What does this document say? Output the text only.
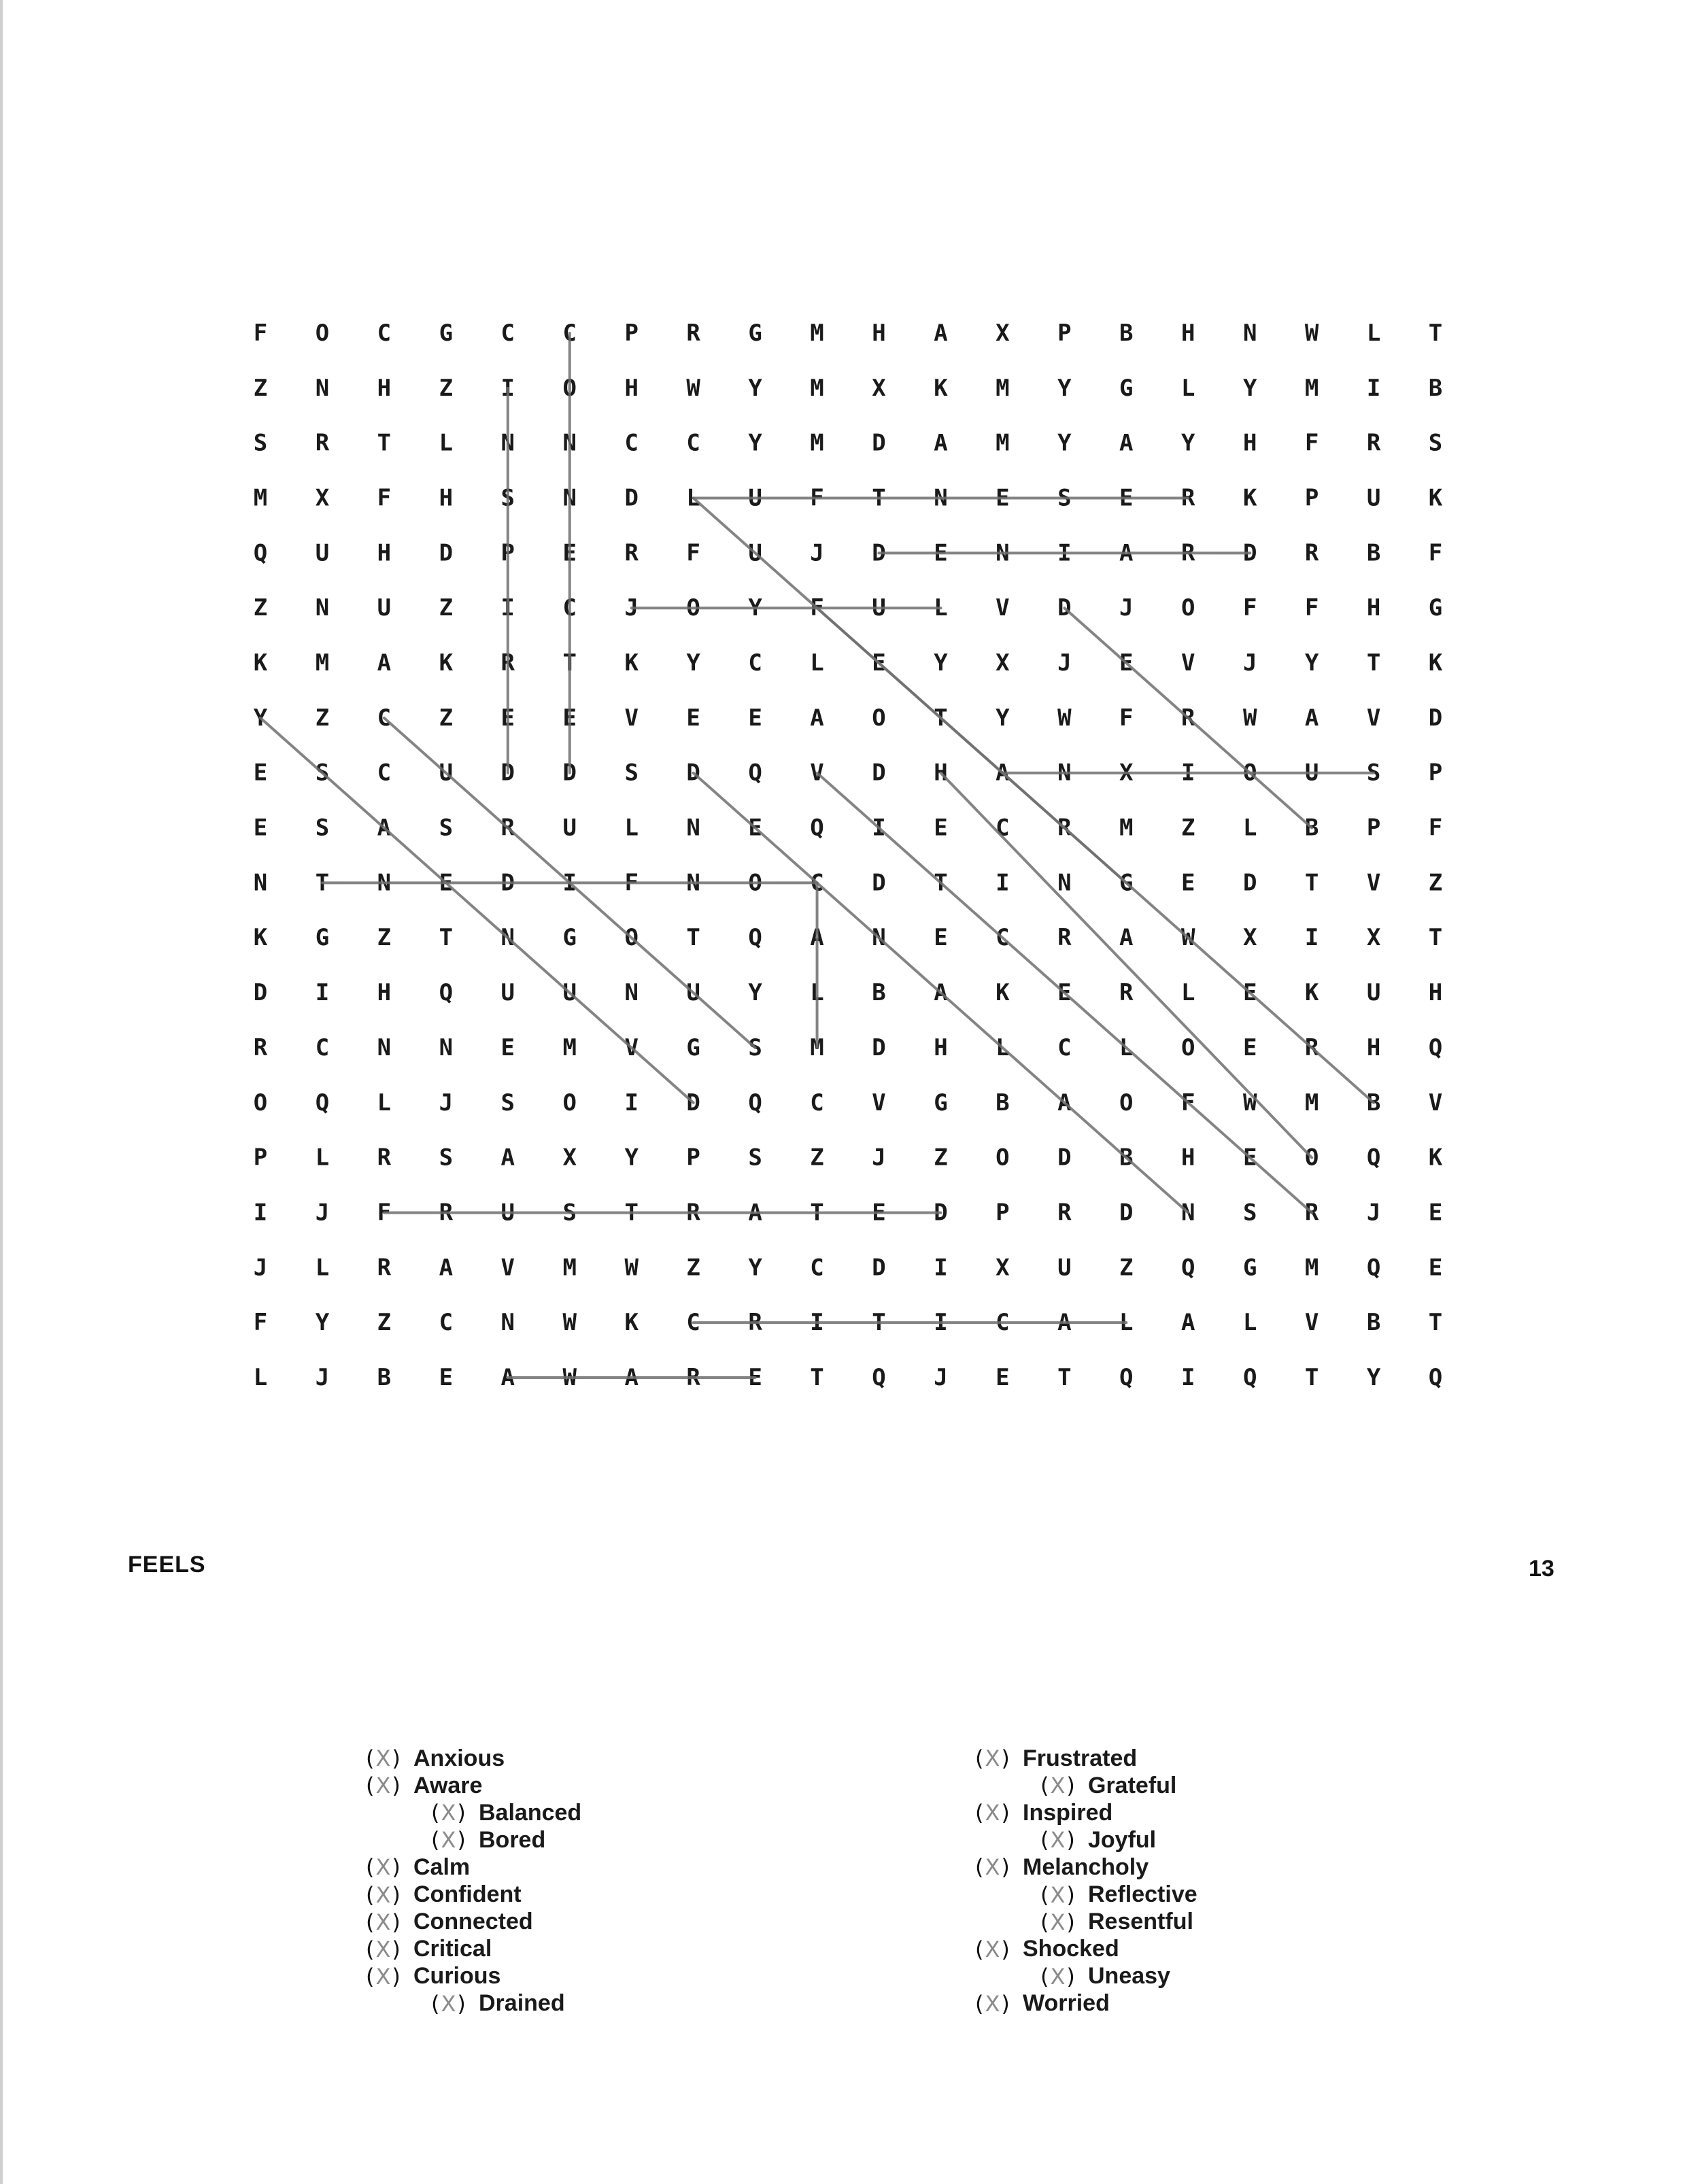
F O C G C C P R G M H A X P B H N W L T
Z N H Z I O H W Y M X K M Y G L Y M I B
S R T L N N C C Y M D A M Y A Y H F R S
M X F H S N D L U F T N E S E R K P U K
Q U H D P E R F U J D E N I A R D R B F
Z N U Z I C J O Y F U L V D J O F F H G
K M A K R T K Y C L E Y X J E V J Y T K
Y Z C Z E E V E E A O T Y W F R W A V D
E S C U D D S D Q V D H A N X I O U S P
E S A S R U L N E Q I E C R M Z L B P F
N T N E D I F N O C D T I N G E D T V Z
K G Z T N G O T Q A N E C R A W X I X T
D I H Q U U N U Y L B A K E R L E K U H
R C N N E M V G S M D H L C L O E R H Q
O Q L J S O I D Q C V G B A O F W M B V
P L R S A X Y P S Z J Z O D B H E O Q K
I J F R U S T R A T E D P R D N S R J E
J L R A V M W Z Y C D I X U Z Q G M Q E
F Y Z C N W K C R I T I C A L A L V B T
L J B E A W A R E T Q J E T Q I Q T Y Q
FEELS	13
(X) Anxious
(X) Aware
(X) Balanced
(X) Bored
(X) Calm
(X) Confident
(X) Connected
(X) Critical
(X) Curious
(X) Drained
(X) Frustrated
(X) Grateful
(X) Inspired
(X) Joyful
(X) Melancholy
(X) Reflective
(X) Resentful
(X) Shocked
(X) Uneasy
(X) Worried
